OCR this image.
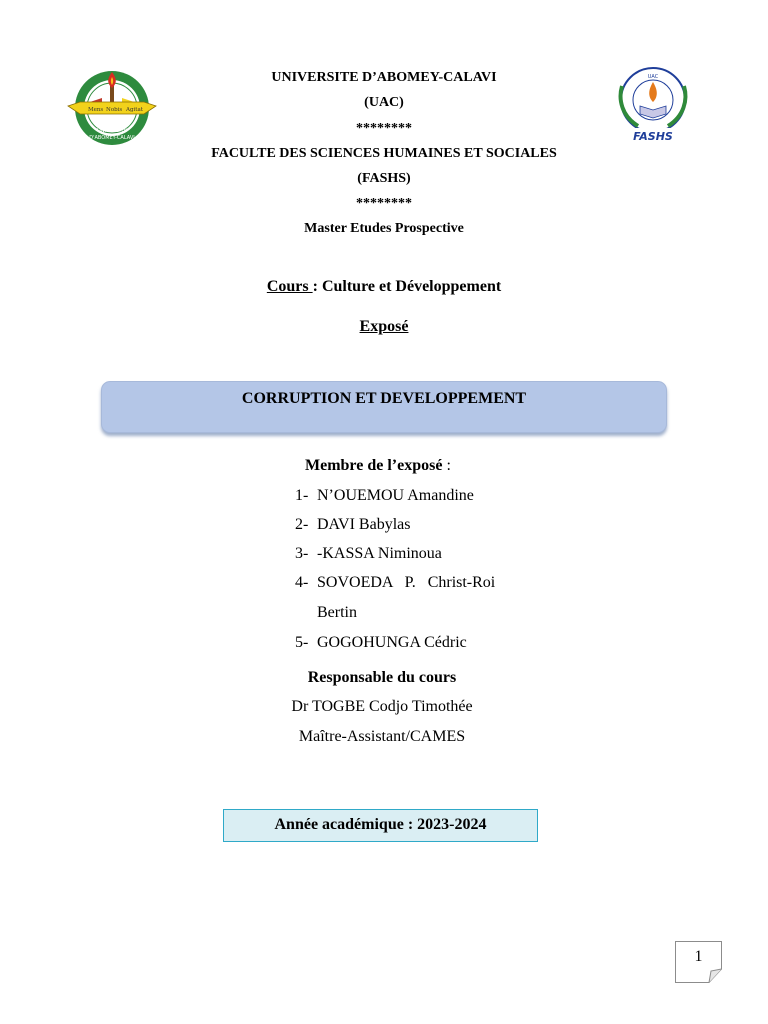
Mens Nobis Agitat
UNIVERSITE
D'ABOMEY-CALAVI
UAC
FASHS
UNIVERSITE D’ABOMEY-CALAVI
(UAC)
********
FACULTE DES SCIENCES HUMAINES ET SOCIALES
(FASHS)
********
Master Etudes Prospective
Cours : Culture et Développement
Exposé
CORRUPTION ET DEVELOPPEMENT
Membre de l’exposé :
1- N’OUEMOU Amandine
2- DAVI Babylas
3- -KASSA Niminoua
4- SOVOEDA   P.   Christ-Roi
Bertin
5- GOGOHUNGA Cédric
Responsable du cours
Dr TOGBE Codjo Timothée
Maître-Assistant/CAMES
Année académique : 2023-2024
1
